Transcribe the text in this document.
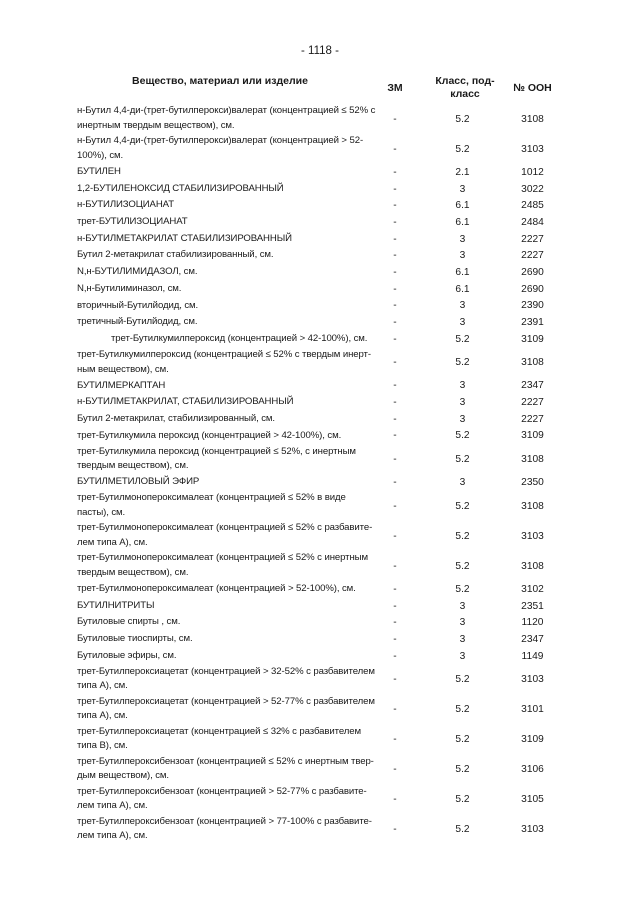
- 1118 -
Вещество, материал или изделие
ЗМ
Класс, под-класс
№ ООН
н-Бутил 4,4-ди-(трет-бутилперокси)валерат (концентрацией ≤ 52% с
инертным твердым веществом), см.
-	5.2	3108
н-Бутил 4,4-ди-(трет-бутилперокси)валерат (концентрацией > 52-
100%), см.
-	5.2	3103
БУТИЛЕН	-	2.1	1012
1,2-БУТИЛЕНОКСИД СТАБИЛИЗИРОВАННЫЙ	-	3	3022
н-БУТИЛИЗОЦИАНАТ	-	6.1	2485
трет-БУТИЛИЗОЦИАНАТ	-	6.1	2484
н-БУТИЛМЕТАКРИЛАТ СТАБИЛИЗИРОВАННЫЙ	-	3	2227
Бутил 2-метакрилат стабилизированный, см.	-	3	2227
N,н-БУТИЛИМИДАЗОЛ, см.	-	6.1	2690
N,н-Бутилиминазол, см.	-	6.1	2690
вторичный-Бутилйодид, см.	-	3	2390
третичный-Бутилйодид, см.	-	3	2391
трет-Бутилкумилпероксид (концентрацией > 42-100%), см.	-	5.2	3109
трет-Бутилкумилпероксид (концентрацией ≤ 52% с твердым инерт-
ным веществом), см.
-	5.2	3108
БУТИЛМЕРКАПТАН	-	3	2347
н-БУТИЛМЕТАКРИЛАТ, СТАБИЛИЗИРОВАННЫЙ	-	3	2227
Бутил 2-метакрилат, стабилизированный, см.	-	3	2227
трет-Бутилкумила пероксид (концентрацией > 42-100%), см.	-	5.2	3109
трет-Бутилкумила пероксид (концентрацией ≤ 52%, с инертным
твердым веществом), см.
-	5.2	3108
БУТИЛМЕТИЛОВЫЙ ЭФИР	-	3	2350
трет-Бутилмонопероксималеат (концентрацией ≤ 52% в виде
пасты), см.
-	5.2	3108
трет-Бутилмонопероксималеат (концентрацией ≤ 52% с разбавите-
лем типа А), см.
-	5.2	3103
трет-Бутилмонопероксималеат (концентрацией ≤ 52% с инертным
твердым веществом), см.
-	5.2	3108
трет-Бутилмонопероксималеат (концентрацией > 52-100%), см.	-	5.2	3102
БУТИЛНИТРИТЫ	-	3	2351
Бутиловые спирты , см.	-	3	1120
Бутиловые тиоспирты, см.	-	3	2347
Бутиловые эфиры, см.	-	3	1149
трет-Бутилпероксиацетат (концентрацией > 32-52% с разбавителем
типа А), см.
-	5.2	3103
трет-Бутилпероксиацетат (концентрацией > 52-77% с разбавителем
типа А), см.
-	5.2	3101
трет-Бутилпероксиацетат (концентрацией ≤ 32% с разбавителем
типа В), см.
-	5.2	3109
трет-Бутилпероксибензоат (концентрацией ≤ 52% с инертным твер-
дым веществом), см.
-	5.2	3106
трет-Бутилпероксибензоат (концентрацией > 52-77% с разбавите-
лем типа А), см.
-	5.2	3105
трет-Бутилпероксибензоат (концентрацией > 77-100% с разбавите-
лем типа А), см.
-	5.2	3103
